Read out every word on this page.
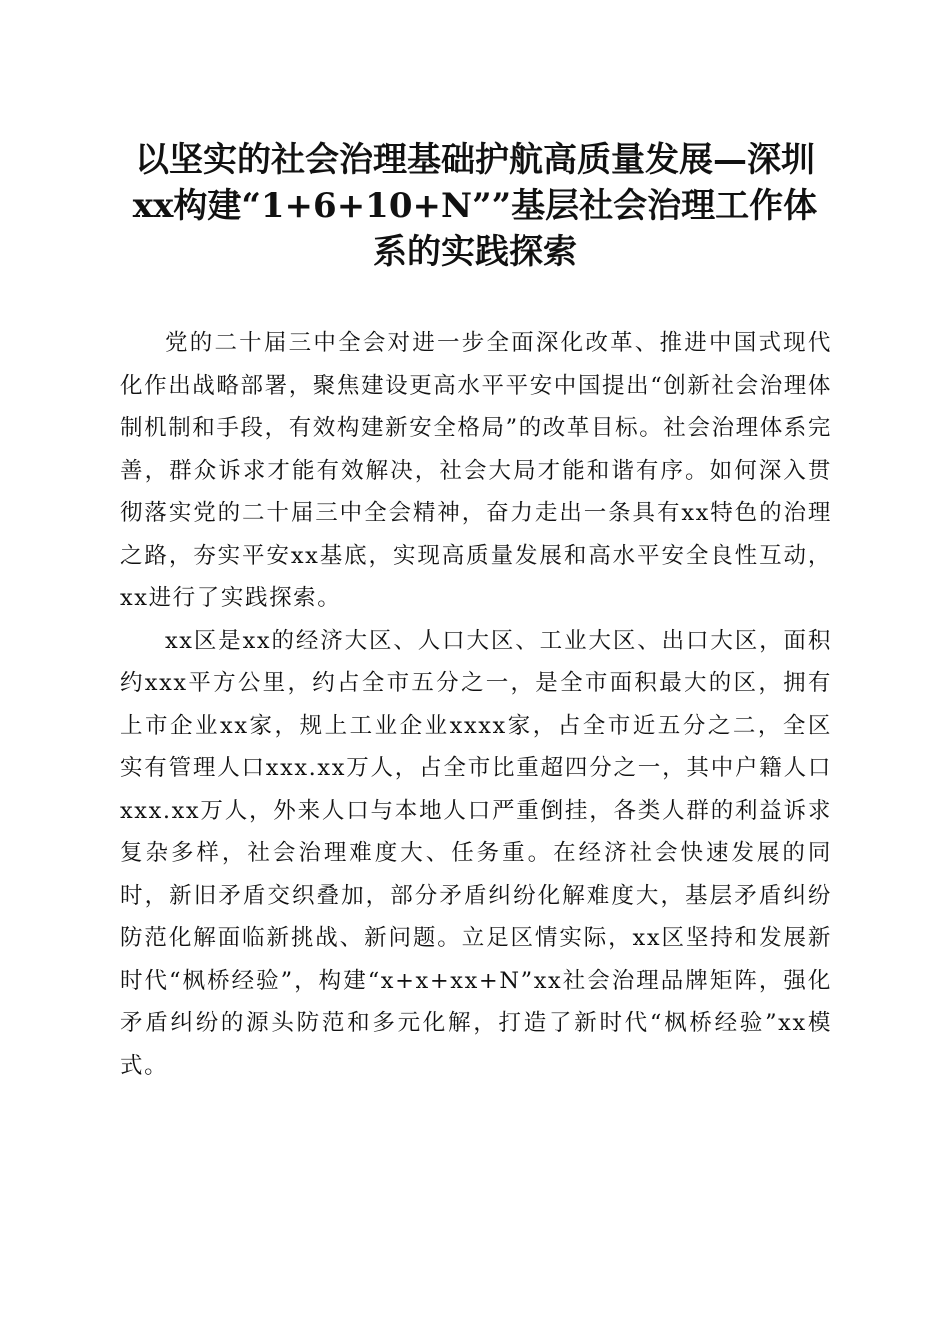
以坚实的社会治理基础护航高质量发展—深圳
xx构建“1+6+10+N””基层社会治理工作体
系的实践探索

党的二十届三中全会对进一步全面深化改革、推进中国式现代化作出战略部署，聚焦建设更高水平平安中国提出“创新社会治理体制机制和手段，有效构建新安全格局”的改革目标。社会治理体系完善，群众诉求才能有效解决，社会大局才能和谐有序。如何深入贯彻落实党的二十届三中全会精神，奋力走出一条具有xx特色的治理之路，夯实平安xx基底，实现高质量发展和高水平安全良性互动，xx进行了实践探索。

xx区是xx的经济大区、人口大区、工业大区、出口大区，面积约xxx平方公里，约占全市五分之一，是全市面积最大的区，拥有上市企业xx家，规上工业企业xxxx家，占全市近五分之二，全区实有管理人口xxx.xx万人，占全市比重超四分之一，其中户籍人口xxx.xx万人，外来人口与本地人口严重倒挂，各类人群的利益诉求复杂多样，社会治理难度大、任务重。在经济社会快速发展的同时，新旧矛盾交织叠加，部分矛盾纠纷化解难度大，基层矛盾纠纷防范化解面临新挑战、新问题。立足区情实际，xx区坚持和发展新时代“枫桥经验”，构建“x+x+xx+N”xx社会治理品牌矩阵，强化矛盾纠纷的源头防范和多元化解，打造了新时代“枫桥经验”xx模式。
